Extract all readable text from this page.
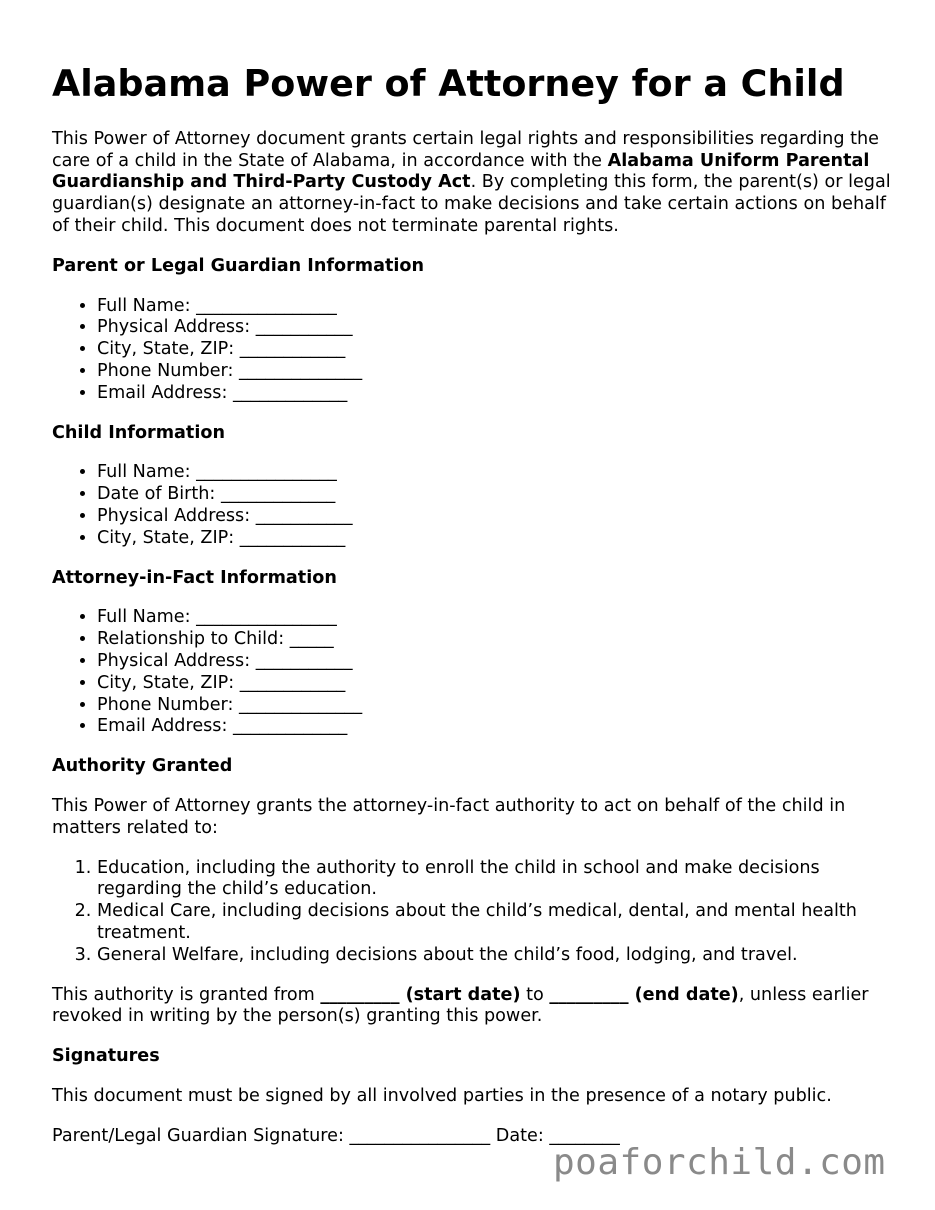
Alabama Power of Attorney for a Child

This Power of Attorney document grants certain legal rights and responsibilities regarding the care of a child in the State of Alabama, in accordance with the Alabama Uniform Parental Guardianship and Third-Party Custody Act. By completing this form, the parent(s) or legal guardian(s) designate an attorney-in-fact to make decisions and take certain actions on behalf of their child. This document does not terminate parental rights.

Parent or Legal Guardian Information
• Full Name: ________________
• Physical Address: ___________
• City, State, ZIP: ____________
• Phone Number: ______________
• Email Address: _____________
Child Information
• Full Name: ________________
• Date of Birth: _____________
• Physical Address: ___________
• City, State, ZIP: ____________
Attorney-in-Fact Information
• Full Name: ________________
• Relationship to Child: _____
• Physical Address: ___________
• City, State, ZIP: ____________
• Phone Number: ______________
• Email Address: _____________
Authority Granted

This Power of Attorney grants the attorney-in-fact authority to act on behalf of the child in matters related to:

1. Education, including the authority to enroll the child in school and make decisions regarding the child’s education.
2. Medical Care, including decisions about the child’s medical, dental, and mental health treatment.
3. General Welfare, including decisions about the child’s food, lodging, and travel.

This authority is granted from _________ (start date) to _________ (end date), unless earlier revoked in writing by the person(s) granting this power.

Signatures

This document must be signed by all involved parties in the presence of a notary public.

Parent/Legal Guardian Signature: ________________ Date: ________

poaforchild.com
